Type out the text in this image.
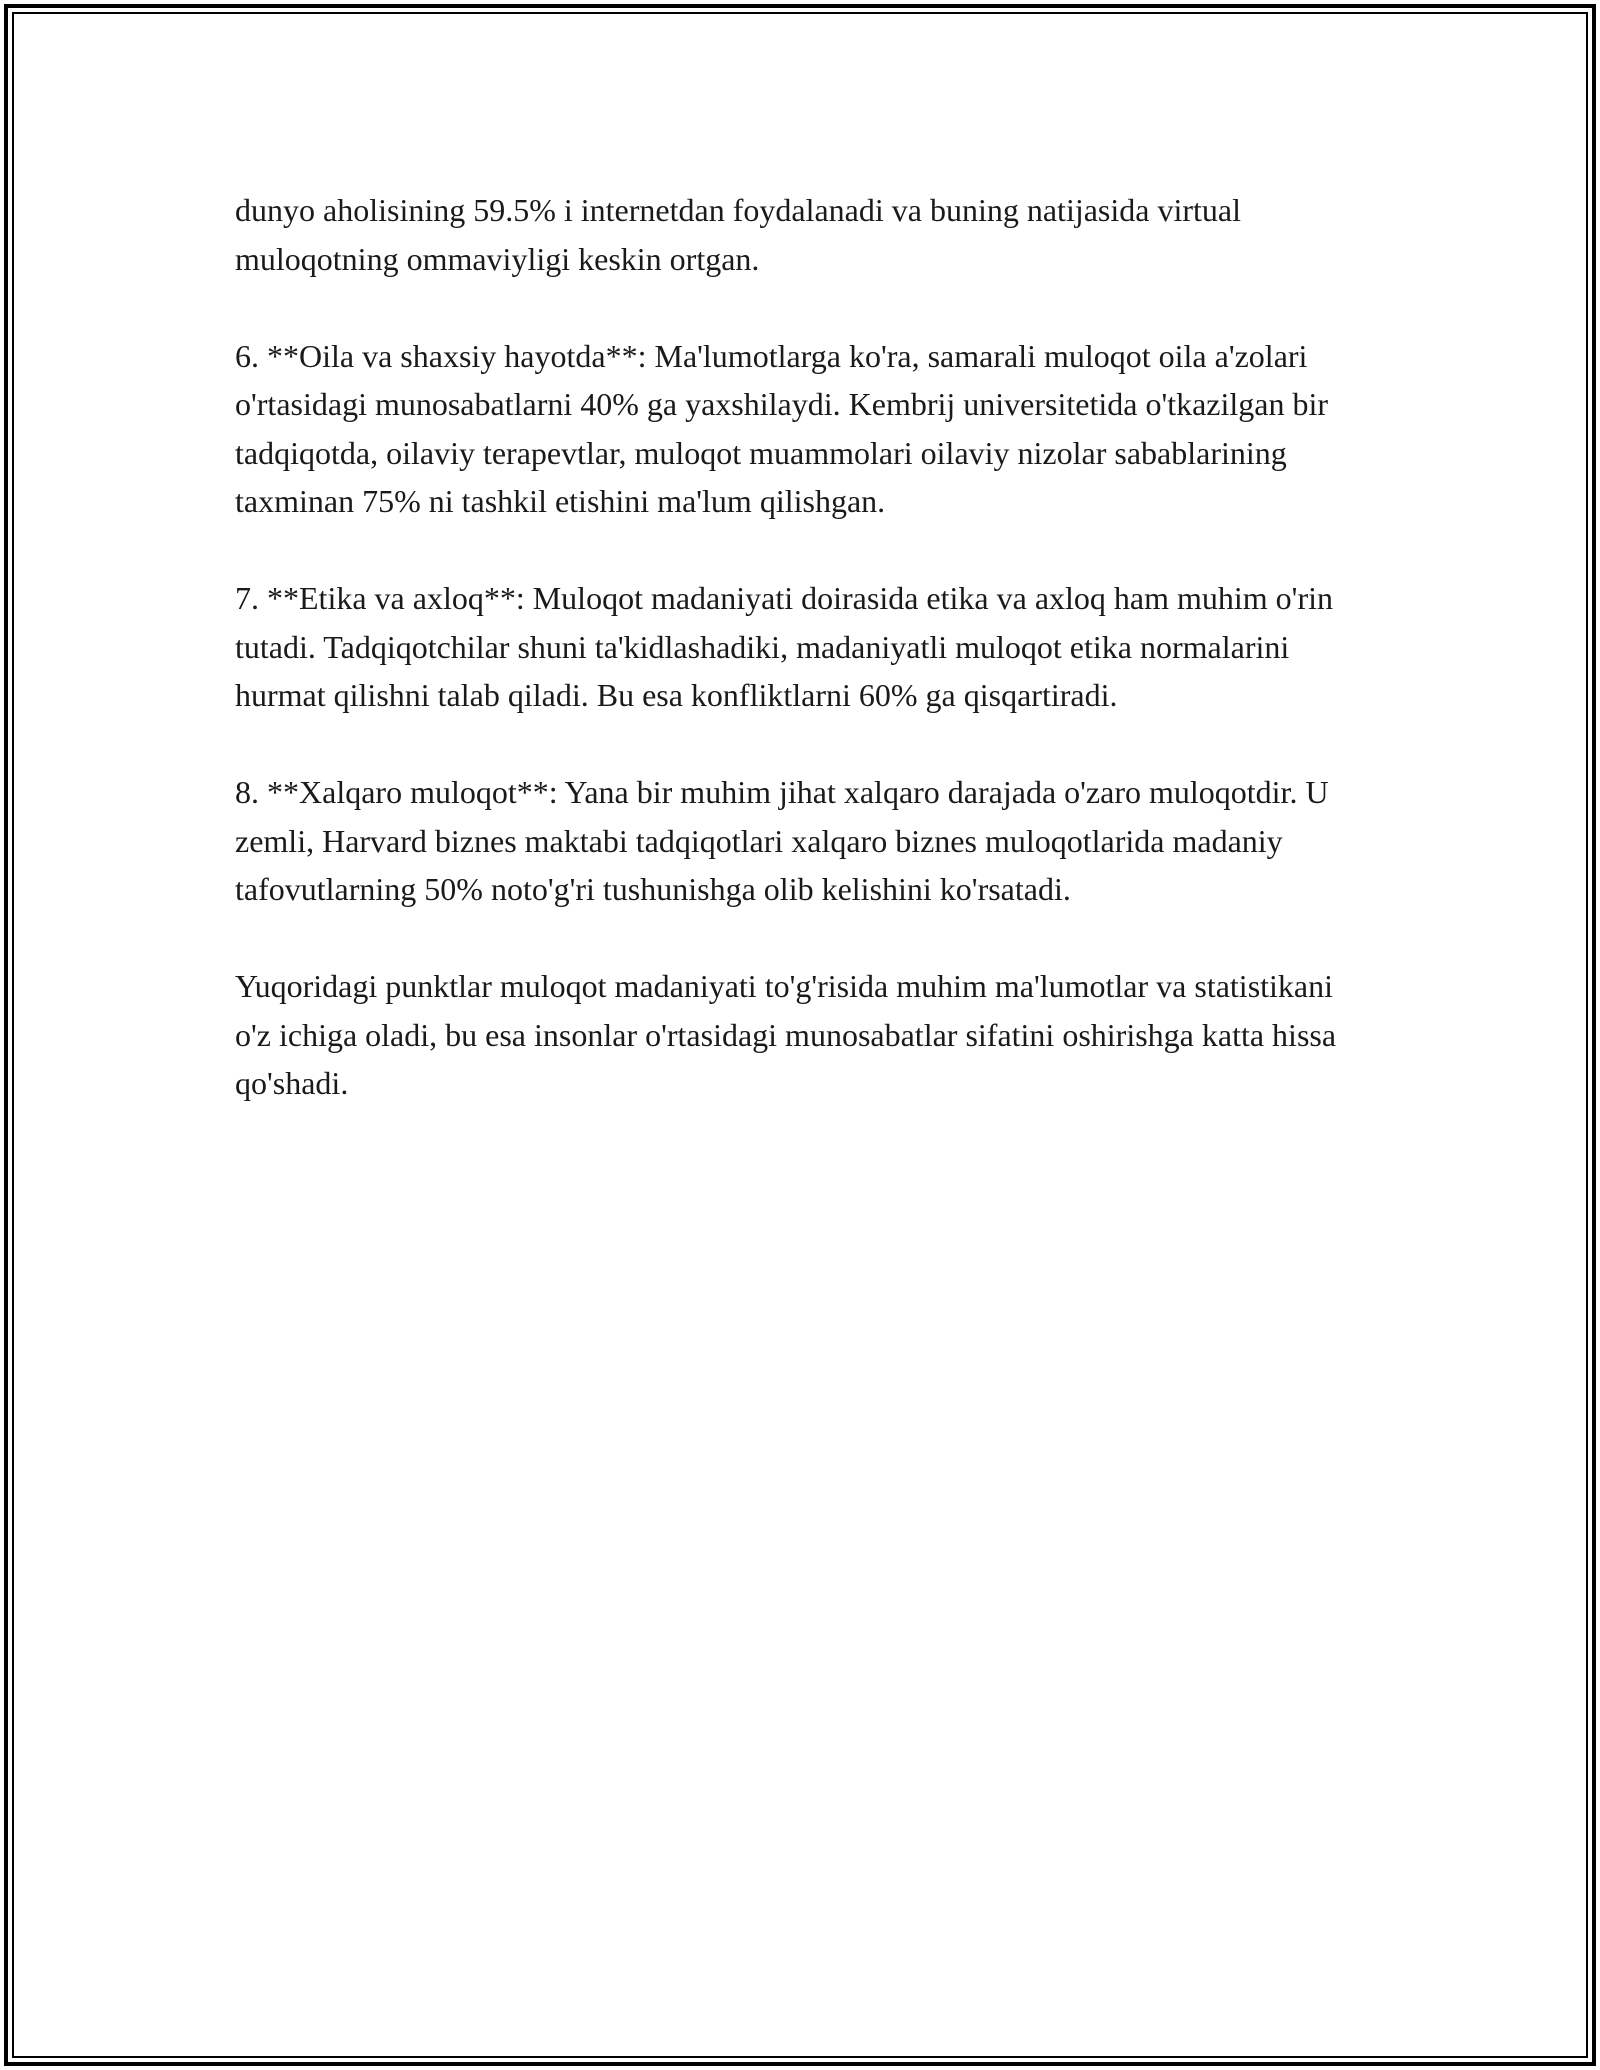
dunyo aholisining 59.5% i internetdan foydalanadi va buning natijasida virtual muloqotning ommaviyligi keskin ortgan.

6. **Oila va shaxsiy hayotda**: Ma'lumotlarga ko'ra, samarali muloqot oila a'zolari o'rtasidagi munosabatlarni 40% ga yaxshilaydi. Kembrij universitetida o'tkazilgan bir tadqiqotda, oilaviy terapevtlar, muloqot muammolari oilaviy nizolar sabablarining taxminan 75% ni tashkil etishini ma'lum qilishgan.

7. **Etika va axloq**: Muloqot madaniyati doirasida etika va axloq ham muhim o'rin tutadi. Tadqiqotchilar shuni ta'kidlashadiki, madaniyatli muloqot etika normalarini hurmat qilishni talab qiladi. Bu esa konfliktlarni 60% ga qisqartiradi.

8. **Xalqaro muloqot**: Yana bir muhim jihat xalqaro darajada o'zaro muloqotdir. U zemli, Harvard biznes maktabi tadqiqotlari xalqaro biznes muloqotlarida madaniy tafovutlarning 50% noto'g'ri tushunishga olib kelishini ko'rsatadi.

Yuqoridagi punktlar muloqot madaniyati to'g'risida muhim ma'lumotlar va statistikani o'z ichiga oladi, bu esa insonlar o'rtasidagi munosabatlar sifatini oshirishga katta hissa qo'shadi.
